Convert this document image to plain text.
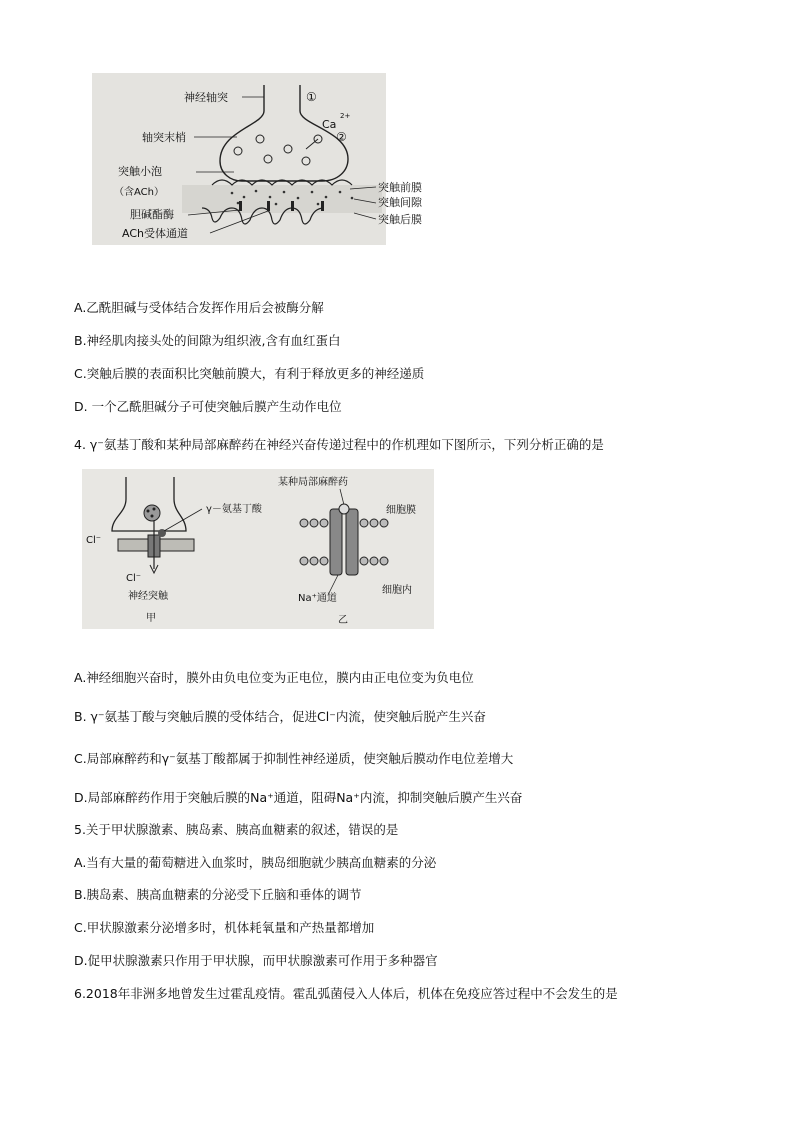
神经轴突	①
Ca
2+
②
轴突末梢
突触小泡
（含ACh）
胆碱酯酶
ACh受体通道
突触前膜
突触间隙
突触后膜
A.乙酰胆碱与受体结合发挥作用后会被酶分解
B.神经肌肉接头处的间隙为组织液,含有血红蛋白
C.突触后膜的表面积比突触前膜大，有利于释放更多的神经递质
D. 一个乙酰胆碱分子可使突触后膜产生动作电位
4. γ⁻氨基丁酸和某种局部麻醉药在神经兴奋传递过程中的作机理如下图所示，下列分析正确的是
γ－氨基丁酸
Cl⁻
Cl⁻
神经突触
甲
某种局部麻醉药
细胞膜
细胞内
Na⁺通道
乙
A.神经细胞兴奋时，膜外由负电位变为正电位，膜内由正电位变为负电位
B. γ⁻氨基丁酸与突触后膜的受体结合，促进Cl⁻内流，使突触后脱产生兴奋
C.局部麻醉药和γ⁻氨基丁酸都属于抑制性神经递质，使突触后膜动作电位差增大
D.局部麻醉药作用于突触后膜的Na⁺通道，阻碍Na⁺内流，抑制突触后膜产生兴奋
5.关于甲状腺激素、胰岛素、胰高血糖素的叙述，错误的是
A.当有大量的葡萄糖进入血浆时，胰岛细胞就少胰高血糖素的分泌
B.胰岛素、胰高血糖素的分泌受下丘脑和垂体的调节
C.甲状腺激素分泌增多时，机体耗氧量和产热量都增加
D.促甲状腺激素只作用于甲状腺，而甲状腺激素可作用于多种器官
6.2018年非洲多地曾发生过霍乱疫情。霍乱弧菌侵入人体后，机体在免疫应答过程中不会发生的是
